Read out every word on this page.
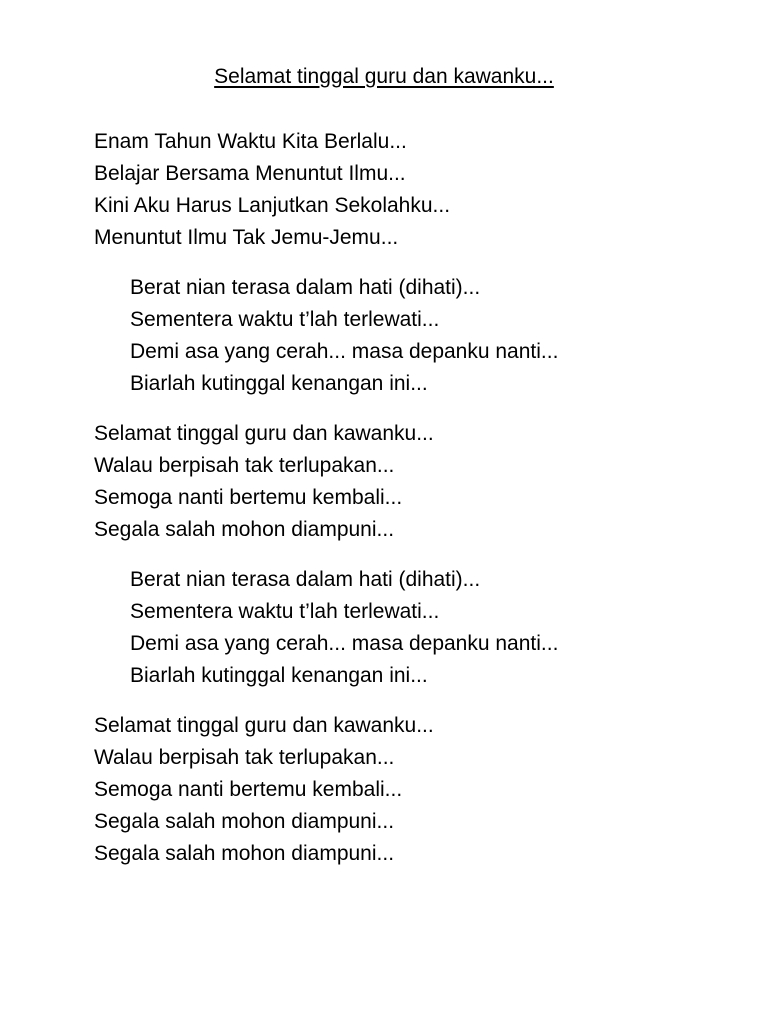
Selamat tinggal guru dan kawanku...
Enam Tahun Waktu Kita Berlalu...
Belajar Bersama Menuntut Ilmu...
Kini Aku Harus Lanjutkan Sekolahku...
Menuntut Ilmu Tak Jemu-Jemu...
Berat nian terasa dalam hati (dihati)...
Sementera waktu t’lah terlewati...
Demi asa yang cerah... masa depanku nanti...
Biarlah kutinggal kenangan ini...
Selamat tinggal guru dan kawanku...
Walau berpisah tak terlupakan...
Semoga nanti bertemu kembali...
Segala salah mohon diampuni...
Berat nian terasa dalam hati (dihati)...
Sementera waktu t’lah terlewati...
Demi asa yang cerah... masa depanku nanti...
Biarlah kutinggal kenangan ini...
Selamat tinggal guru dan kawanku...
Walau berpisah tak terlupakan...
Semoga nanti bertemu kembali...
Segala salah mohon diampuni...
Segala salah mohon diampuni...
